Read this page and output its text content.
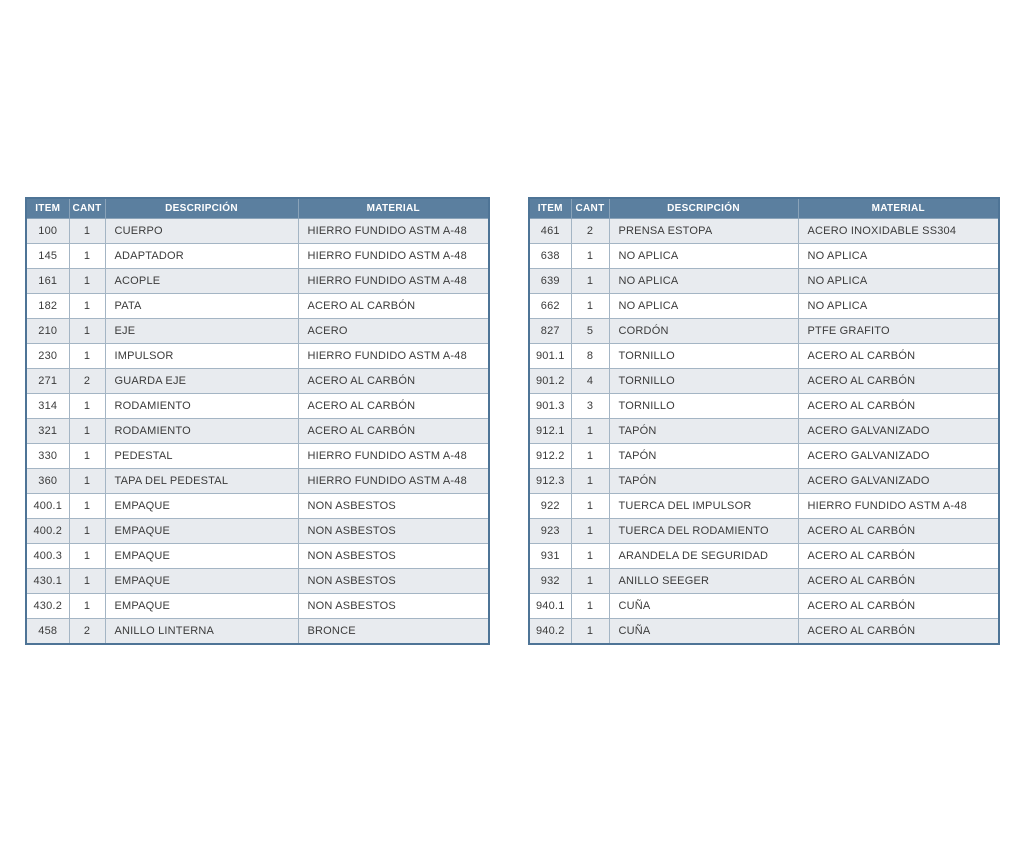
ITEM	CANT	DESCRIPCIÓN	MATERIAL
100	1	CUERPO	HIERRO FUNDIDO ASTM A-48
145	1	ADAPTADOR	HIERRO FUNDIDO ASTM A-48
161	1	ACOPLE	HIERRO FUNDIDO ASTM A-48
182	1	PATA	ACERO AL CARBÓN
210	1	EJE	ACERO
230	1	IMPULSOR	HIERRO FUNDIDO ASTM A-48
271	2	GUARDA EJE	ACERO AL CARBÓN
314	1	RODAMIENTO	ACERO AL CARBÓN
321	1	RODAMIENTO	ACERO AL CARBÓN
330	1	PEDESTAL	HIERRO FUNDIDO ASTM A-48
360	1	TAPA DEL PEDESTAL	HIERRO FUNDIDO ASTM A-48
400.1	1	EMPAQUE	NON ASBESTOS
400.2	1	EMPAQUE	NON ASBESTOS
400.3	1	EMPAQUE	NON ASBESTOS
430.1	1	EMPAQUE	NON ASBESTOS
430.2	1	EMPAQUE	NON ASBESTOS
458	2	ANILLO LINTERNA	BRONCE
ITEM	CANT	DESCRIPCIÓN	MATERIAL
461	2	PRENSA ESTOPA	ACERO INOXIDABLE SS304
638	1	NO APLICA	NO APLICA
639	1	NO APLICA	NO APLICA
662	1	NO APLICA	NO APLICA
827	5	CORDÓN	PTFE GRAFITO
901.1	8	TORNILLO	ACERO AL CARBÓN
901.2	4	TORNILLO	ACERO AL CARBÓN
901.3	3	TORNILLO	ACERO AL CARBÓN
912.1	1	TAPÓN	ACERO GALVANIZADO
912.2	1	TAPÓN	ACERO GALVANIZADO
912.3	1	TAPÓN	ACERO GALVANIZADO
922	1	TUERCA DEL IMPULSOR	HIERRO FUNDIDO ASTM A-48
923	1	TUERCA DEL RODAMIENTO	ACERO AL CARBÓN
931	1	ARANDELA DE SEGURIDAD	ACERO AL CARBÓN
932	1	ANILLO SEEGER	ACERO AL CARBÓN
940.1	1	CUÑA	ACERO AL CARBÓN
940.2	1	CUÑA	ACERO AL CARBÓN
